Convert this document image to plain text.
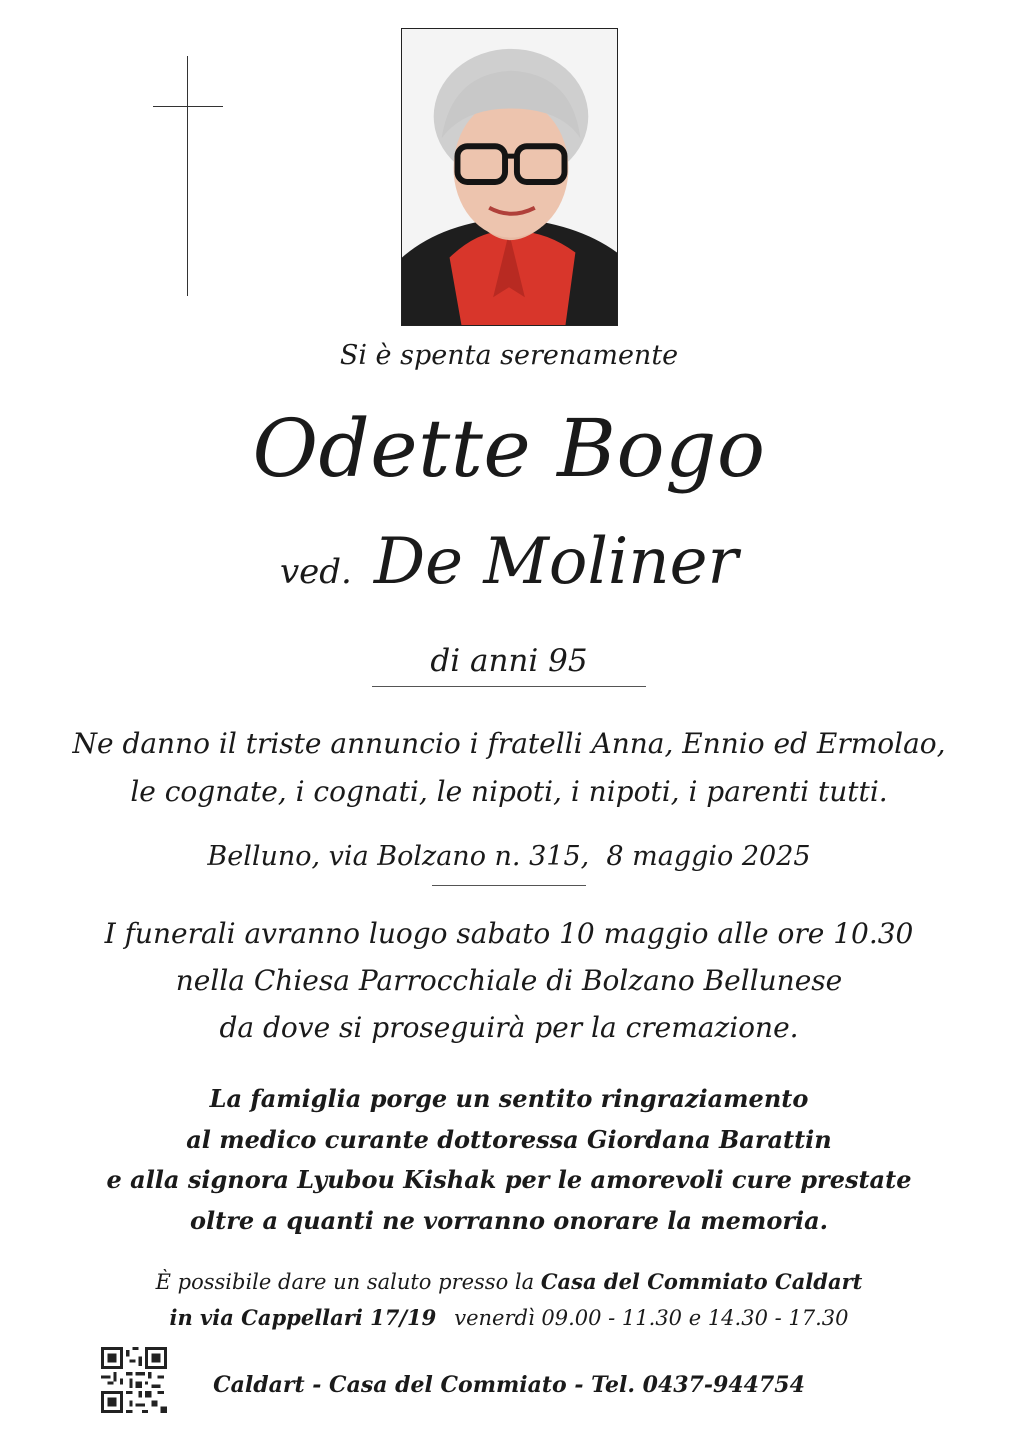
Si è spenta serenamente
Odette Bogo
ved. De Moliner
di anni 95
Ne danno il triste annuncio i fratelli Anna, Ennio ed Ermolao,
le cognate, i cognati, le nipoti, i nipoti, i parenti tutti.
Belluno, via Bolzano n. 315,  8 maggio 2025
I funerali avranno luogo sabato 10 maggio alle ore 10.30
nella Chiesa Parrocchiale di Bolzano Bellunese
da dove si proseguirà per la cremazione.
La famiglia porge un sentito ringraziamento
al medico curante dottoressa Giordana Barattin
e alla signora Lyubou Kishak per le amorevoli cure prestate
oltre a quanti ne vorranno onorare la memoria.
È possibile dare un saluto presso la Casa del Commiato Caldart
in via Cappellari 17/19 venerdì 09.00 - 11.30 e 14.30 - 17.30
Caldart - Casa del Commiato - Tel. 0437-944754
